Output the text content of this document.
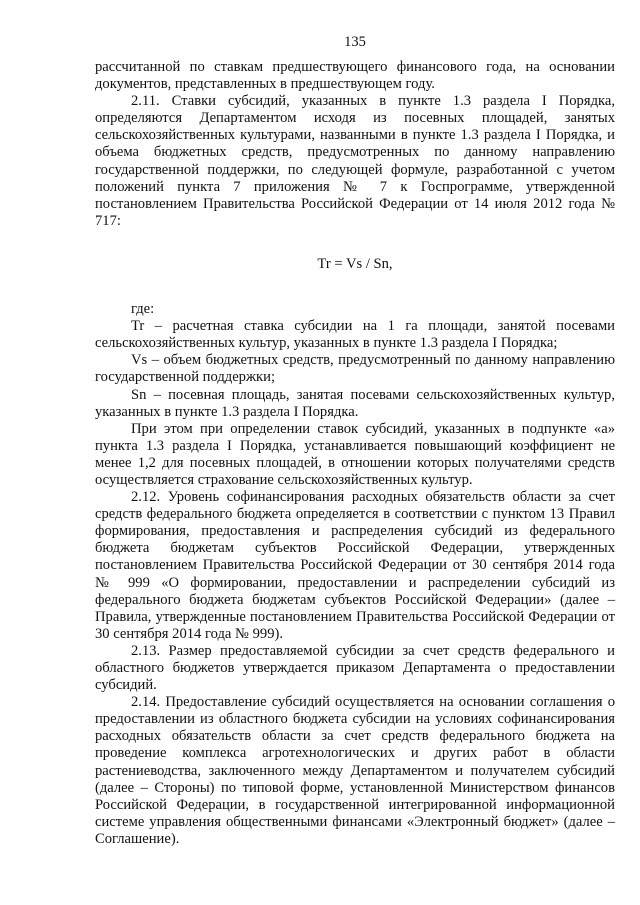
135

рассчитанной по ставкам предшествующего финансового года, на основании документов, представленных в предшествующем году.

2.11. Ставки субсидий, указанных в пункте 1.3 раздела I Порядка, определяются Департаментом исходя из посевных площадей, занятых сельскохозяйственных культурами, названными в пункте 1.3 раздела I Порядка, и объема бюджетных средств, предусмотренных по данному направлению государственной поддержки, по следующей формуле, разработанной с учетом положений пункта 7 приложения № 7 к Госпрограмме, утвержденной постановлением Правительства Российской Федерации от 14 июля 2012 года № 717:

Tr = Vs / Sn,

где:

Tr – расчетная ставка субсидии на 1 га площади, занятой посевами сельскохозяйственных культур, указанных в пункте 1.3 раздела I Порядка;

Vs – объем бюджетных средств, предусмотренный по данному направлению государственной поддержки;

Sn – посевная площадь, занятая посевами сельскохозяйственных культур, указанных в пункте 1.3 раздела I Порядка.

При этом при определении ставок субсидий, указанных в подпункте «а» пункта 1.3 раздела I Порядка, устанавливается повышающий коэффициент не менее 1,2 для посевных площадей, в отношении которых получателями средств осуществляется страхование сельскохозяйственных культур.

2.12. Уровень софинансирования расходных обязательств области за счет средств федерального бюджета определяется в соответствии с пунктом 13 Правил формирования, предоставления и распределения субсидий из федерального бюджета бюджетам субъектов Российской Федерации, утвержденных постановлением Правительства Российской Федерации от 30 сентября 2014 года № 999 «О формировании, предоставлении и распределении субсидий из федерального бюджета бюджетам субъектов Российской Федерации» (далее – Правила, утвержденные постановлением Правительства Российской Федерации от 30 сентября 2014 года № 999).

2.13. Размер предоставляемой субсидии за счет средств федерального и областного бюджетов утверждается приказом Департамента о предоставлении субсидий.

2.14. Предоставление субсидий осуществляется на основании соглашения о предоставлении из областного бюджета субсидии на условиях софинансирования расходных обязательств области за счет средств федерального бюджета на проведение комплекса агротехнологических и других работ в области растениеводства, заключенного между Департаментом и получателем субсидий (далее – Стороны) по типовой форме, установленной Министерством финансов Российской Федерации, в государственной интегрированной информационной системе управления общественными финансами «Электронный бюджет» (далее – Соглашение).
